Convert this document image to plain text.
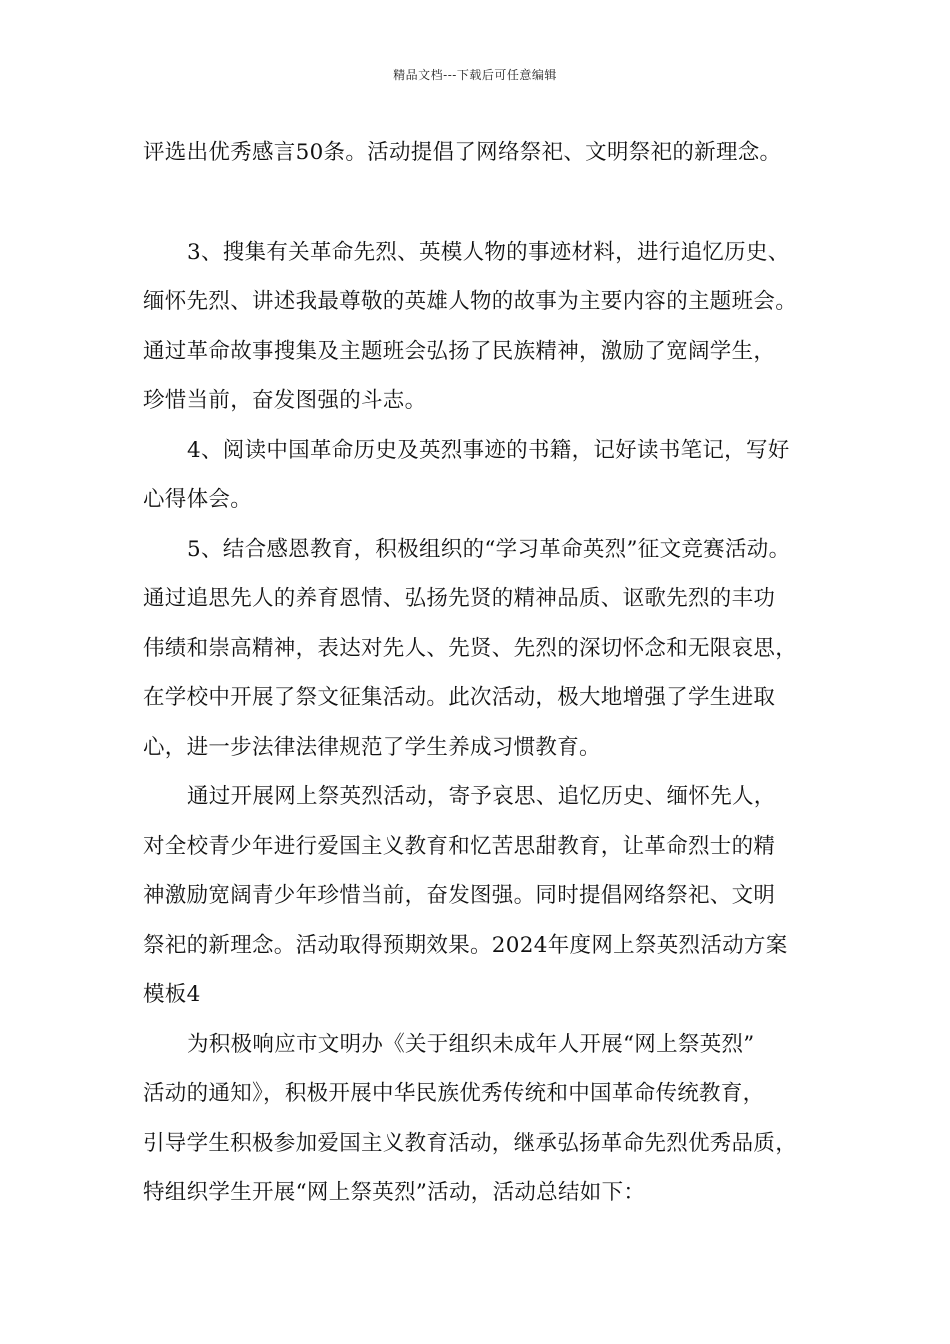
精品文档---下载后可任意编辑
评选出优秀感言50条。活动提倡了网络祭祀、文明祭祀的新理念。
3、搜集有关革命先烈、英模人物的事迹材料，进行追忆历史、
缅怀先烈、讲述我最尊敬的英雄人物的故事为主要内容的主题班会。
通过革命故事搜集及主题班会弘扬了民族精神，激励了宽阔学生，
珍惜当前，奋发图强的斗志。
4、阅读中国革命历史及英烈事迹的书籍，记好读书笔记，写好
心得体会。
5、结合感恩教育，积极组织的“学习革命英烈”征文竞赛活动。
通过追思先人的养育恩情、弘扬先贤的精神品质、讴歌先烈的丰功
伟绩和崇高精神，表达对先人、先贤、先烈的深切怀念和无限哀思，
在学校中开展了祭文征集活动。此次活动，极大地增强了学生进取
心，进一步法律法律规范了学生养成习惯教育。
通过开展网上祭英烈活动，寄予哀思、追忆历史、缅怀先人，
对全校青少年进行爱国主义教育和忆苦思甜教育，让革命烈士的精
神激励宽阔青少年珍惜当前，奋发图强。同时提倡网络祭祀、文明
祭祀的新理念。活动取得预期效果。2024年度网上祭英烈活动方案
模板4
为积极响应市文明办《关于组织未成年人开展“网上祭英烈”
活动的通知》，积极开展中华民族优秀传统和中国革命传统教育，
引导学生积极参加爱国主义教育活动，继承弘扬革命先烈优秀品质，
特组织学生开展“网上祭英烈”活动，活动总结如下：
